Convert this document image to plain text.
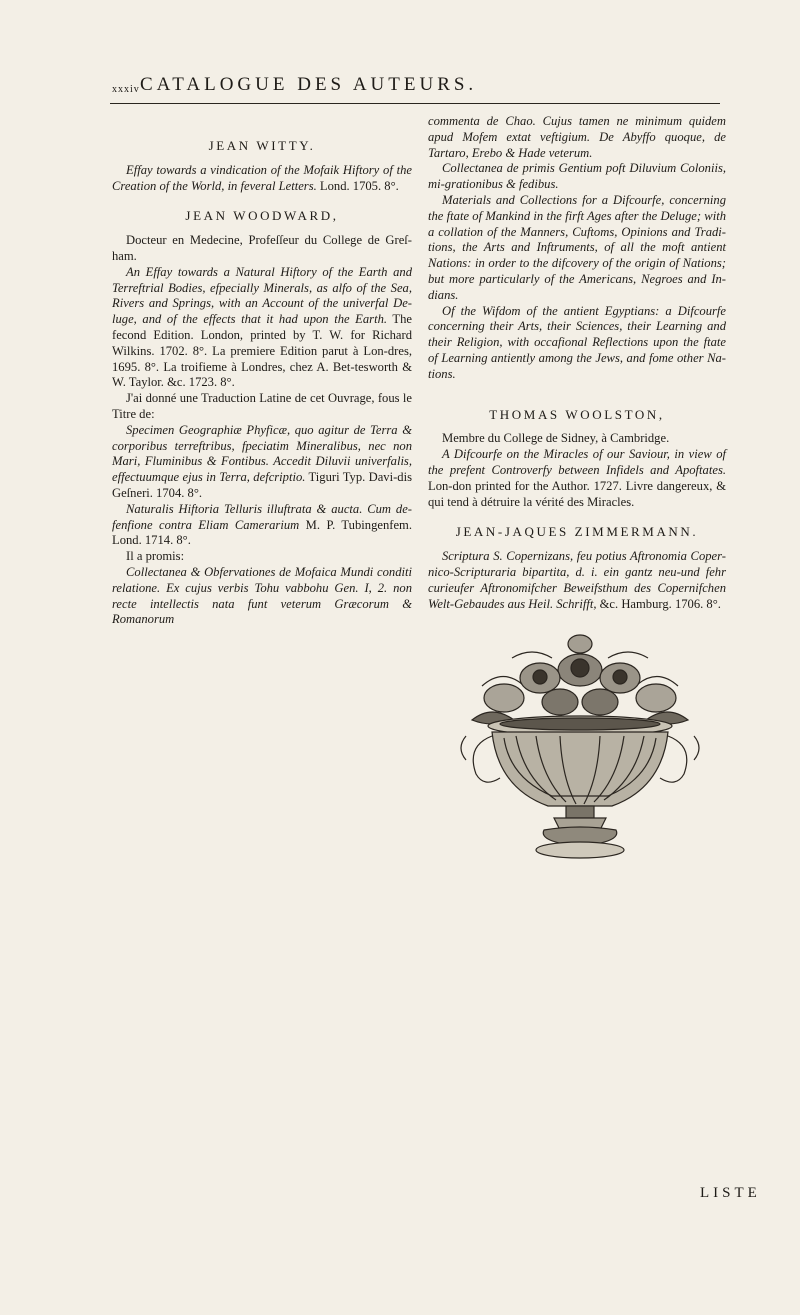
xxxiv CATALOGUE DES AUTEURS.

JEAN WITTY.

Effay towards a vindication of the Mofaik Hiftory of the Creation of the World, in feveral Letters. Lond. 1705. 8°.

JEAN WOODWARD,

Docteur en Medecine, Profeſſeur du College de Greſ-ham.

An Effay towards a Natural Hiftory of the Earth and Terreftrial Bodies, efpecially Minerals, as alfo of the Sea, Rivers and Springs, with an Account of the univerfal De-luge, and of the effects that it had upon the Earth. The fecond Edition. London, printed by T. W. for Richard Wilkins. 1702. 8°. La premiere Edition parut à Lon-dres, 1695. 8°. La troifieme à Londres, chez A. Bet-tesworth & W. Taylor. &c. 1723. 8°.

J'ai donné une Traduction Latine de cet Ouvrage, fous le Titre de:

Specimen Geographiæ Phyficæ, quo agitur de Terra & corporibus terreftribus, fpeciatim Mineralibus, nec non Mari, Fluminibus & Fontibus. Accedit Diluvii univerfalis, effectuumque ejus in Terra, defcriptio. Tiguri Typ. Davi-dis Geſneri. 1704. 8°.

Naturalis Hiftoria Telluris illuftrata & aucta. Cum de-fenfione contra Eliam Camerarium M. P. Tubingenfem. Lond. 1714. 8°.

Il a promis:

Collectanea & Obfervationes de Mofaica Mundi conditi relatione. Ex cujus verbis Tohu vabbohu Gen. I, 2. non recte intellectis nata funt veterum Græcorum & Romanorum

commenta de Chao. Cujus tamen ne minimum quidem apud Mofem extat veftigium. De Abyffo quoque, de Tartaro, Erebo & Hade veterum.

Collectanea de primis Gentium poft Diluvium Coloniis, mi-grationibus & fedibus.

Materials and Collections for a Difcourfe, concerning the ftate of Mankind in the firft Ages after the Deluge; with a collation of the Manners, Cuftoms, Opinions and Tradi-tions, the Arts and Inftruments, of all the moft antient Nations: in order to the difcovery of the origin of Nations; but more particularly of the Americans, Negroes and In-dians.

Of the Wifdom of the antient Egyptians: a Difcourfe concerning their Arts, their Sciences, their Learning and their Religion, with occafional Reflections upon the ftate of Learning antiently among the Jews, and fome other Na-tions.

THOMAS WOOLSTON,

Membre du College de Sidney, à Cambridge.

A Difcourfe on the Miracles of our Saviour, in view of the prefent Controverfy between Infidels and Apoftates. Lon-don printed for the Author. 1727. Livre dangereux, & qui tend à détruire la vérité des Miracles.

JEAN-JAQUES ZIMMERMANN.

Scriptura S. Copernizans, feu potius Aftronomia Coper-nico-Scripturaria bipartita, d. i. ein gantz neu-und fehr curieufer Aftronomifcher Beweifsthum des Copernifchen Welt-Gebaudes aus Heil. Schrifft, &c. Hamburg. 1706. 8°.

LISTE
